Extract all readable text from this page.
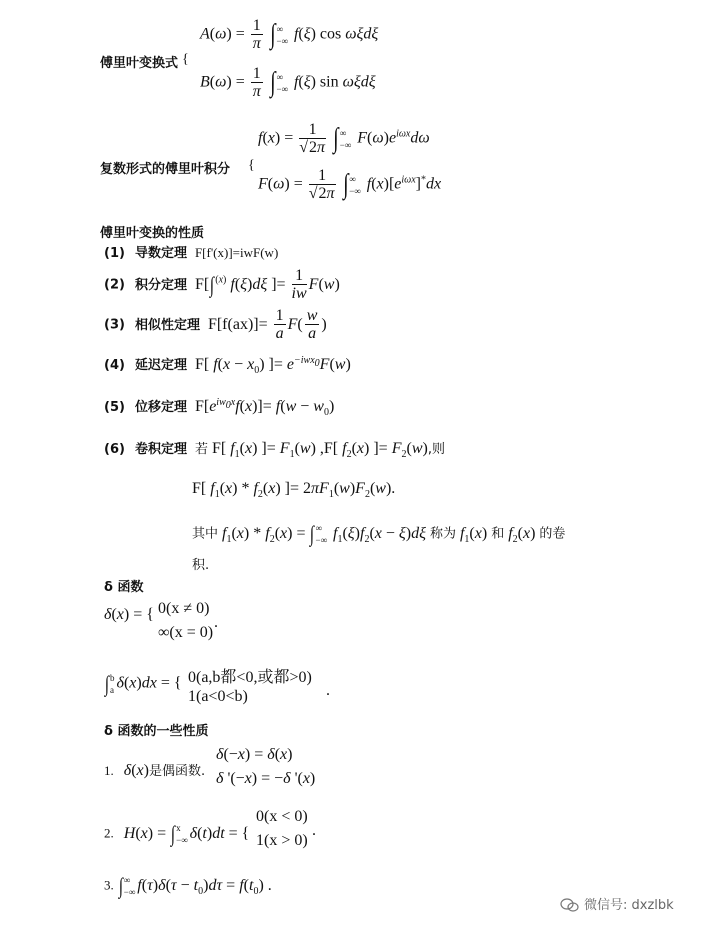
傅里叶变换式 {
$A(\omega) = \frac{1}{\pi}$ ∫ ∞
−∞ f(ξ) cos ωξdξ
$B(\omega) = \frac{1}{\pi}$ ∫ ∞
−∞ f(ξ) sin ωξdξ
复数形式的傅里叶积分 {
$f(x) = \frac{1}{√2\pi}$ ∫ ∞
−∞ $F(\omega)e^{i\omega x}d\omega$
$F(\omega) = \frac{1}{√2\pi}$ ∫ ∞
−∞ $f(x)[e^{i\omega x}]^*dx$
傅里叶变换的性质
(1) 导数定理 F[f'(x)]=iwF(w)
(2) 积分定理 F[∫$^{(x)}$ f(ξ)dξ ]= $\frac{1}{iw} F(w)$
(3) 相似性定理 $F[f(ax)]= \frac{1}{a} F( \frac{w}{a}$ )
(4) 延迟定理 F[ $f(x - x_0)$ ]= $e^{-iwx_0}F(w)$
(5) 位移定理 $F[e^{iw_0x}f(x)]= f(w - w_0)$
(6) 卷积定理 若 F[ $f_1(x)$ ]= $F_1(w)$ ,F[ $f_2(x)$ ]= $F_2(w)$,则
F[ $f_1(x) * f_2(x)$ ]= $2\pi F_1(w)F_2(w)$.
其中 $f_1(x) * f_2(x)$ = ∫ ∞
−∞ $f_1(\xi)f_2(x - \xi)d\xi$ 称为 $f_1(x)$ 和 $f_2(x)$ 的卷
积.
δ 函数
δ(x) = { 0(x ≠ 0)
∞(x = 0)
.
∫ b
a δ(x)dx = { 0(a,b都<0,或都>0)
1(a<0<b)	.
δ 函数的一些性质
1. δ(x)是偶函数.
δ(−x) = δ(x)
δ '(−x) = −δ '(x)
2. H(x) = ∫ x
−∞ δ(t)dt = {
0(x < 0)
1(x > 0)
.
3. ∫ ∞
−∞ $f(\tau)\delta(\tau - t_0)d\tau = f(t_0)$ .
微信号: dxzlbk
